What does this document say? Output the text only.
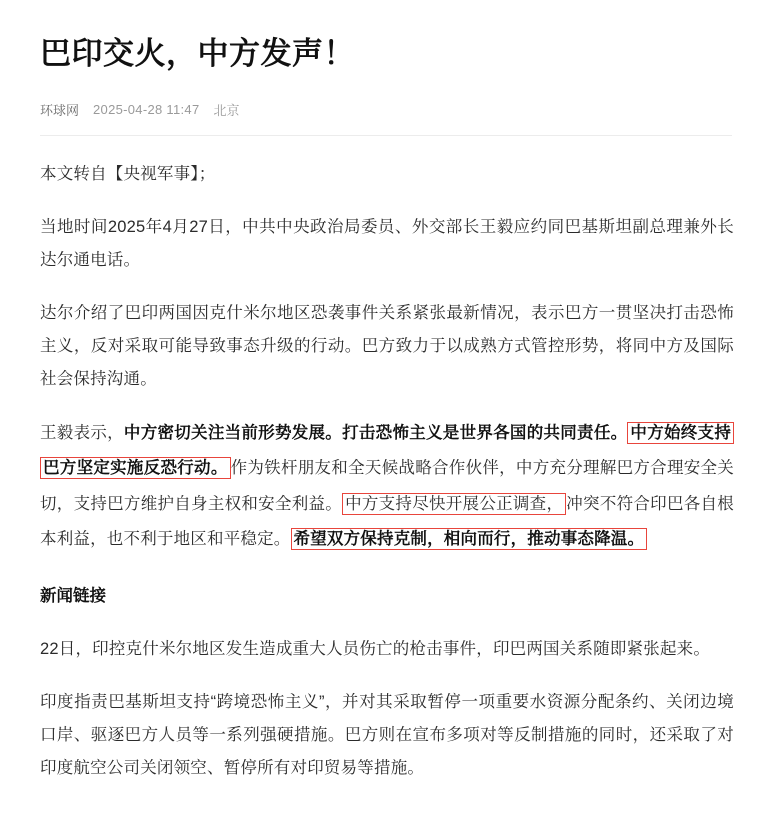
巴印交火，中方发声！
环球网 2025-04-28 11:47 北京

本文转自【央视军事】；

当地时间2025年4月27日，中共中央政治局委员、外交部长王毅应约同巴基斯坦副总理兼外长达尔通电话。

达尔介绍了巴印两国因克什米尔地区恐袭事件关系紧张最新情况，表示巴方一贯坚决打击恐怖主义，反对采取可能导致事态升级的行动。巴方致力于以成熟方式管控形势，将同中方及国际社会保持沟通。

王毅表示，中方密切关注当前形势发展。打击恐怖主义是世界各国的共同责任。 中方始终支持巴方坚定实施反恐行动。 作为铁杆朋友和全天候战略合作伙伴，中方充分理解巴方合理安全关切，支持巴方维护自身主权和安全利益。 中方支持尽快开展公正调查， 冲突不符合印巴各自根本利益，也不利于地区和平稳定。 希望双方保持克制，相向而行，推动事态降温。

新闻链接

22日，印控克什米尔地区发生造成重大人员伤亡的枪击事件，印巴两国关系随即紧张起来。

印度指责巴基斯坦支持“跨境恐怖主义”，并对其采取暂停一项重要水资源分配条约、关闭边境口岸、驱逐巴方人员等一系列强硬措施。巴方则在宣布多项对等反制措施的同时，还采取了对印度航空公司关闭领空、暂停所有对印贸易等措施。
